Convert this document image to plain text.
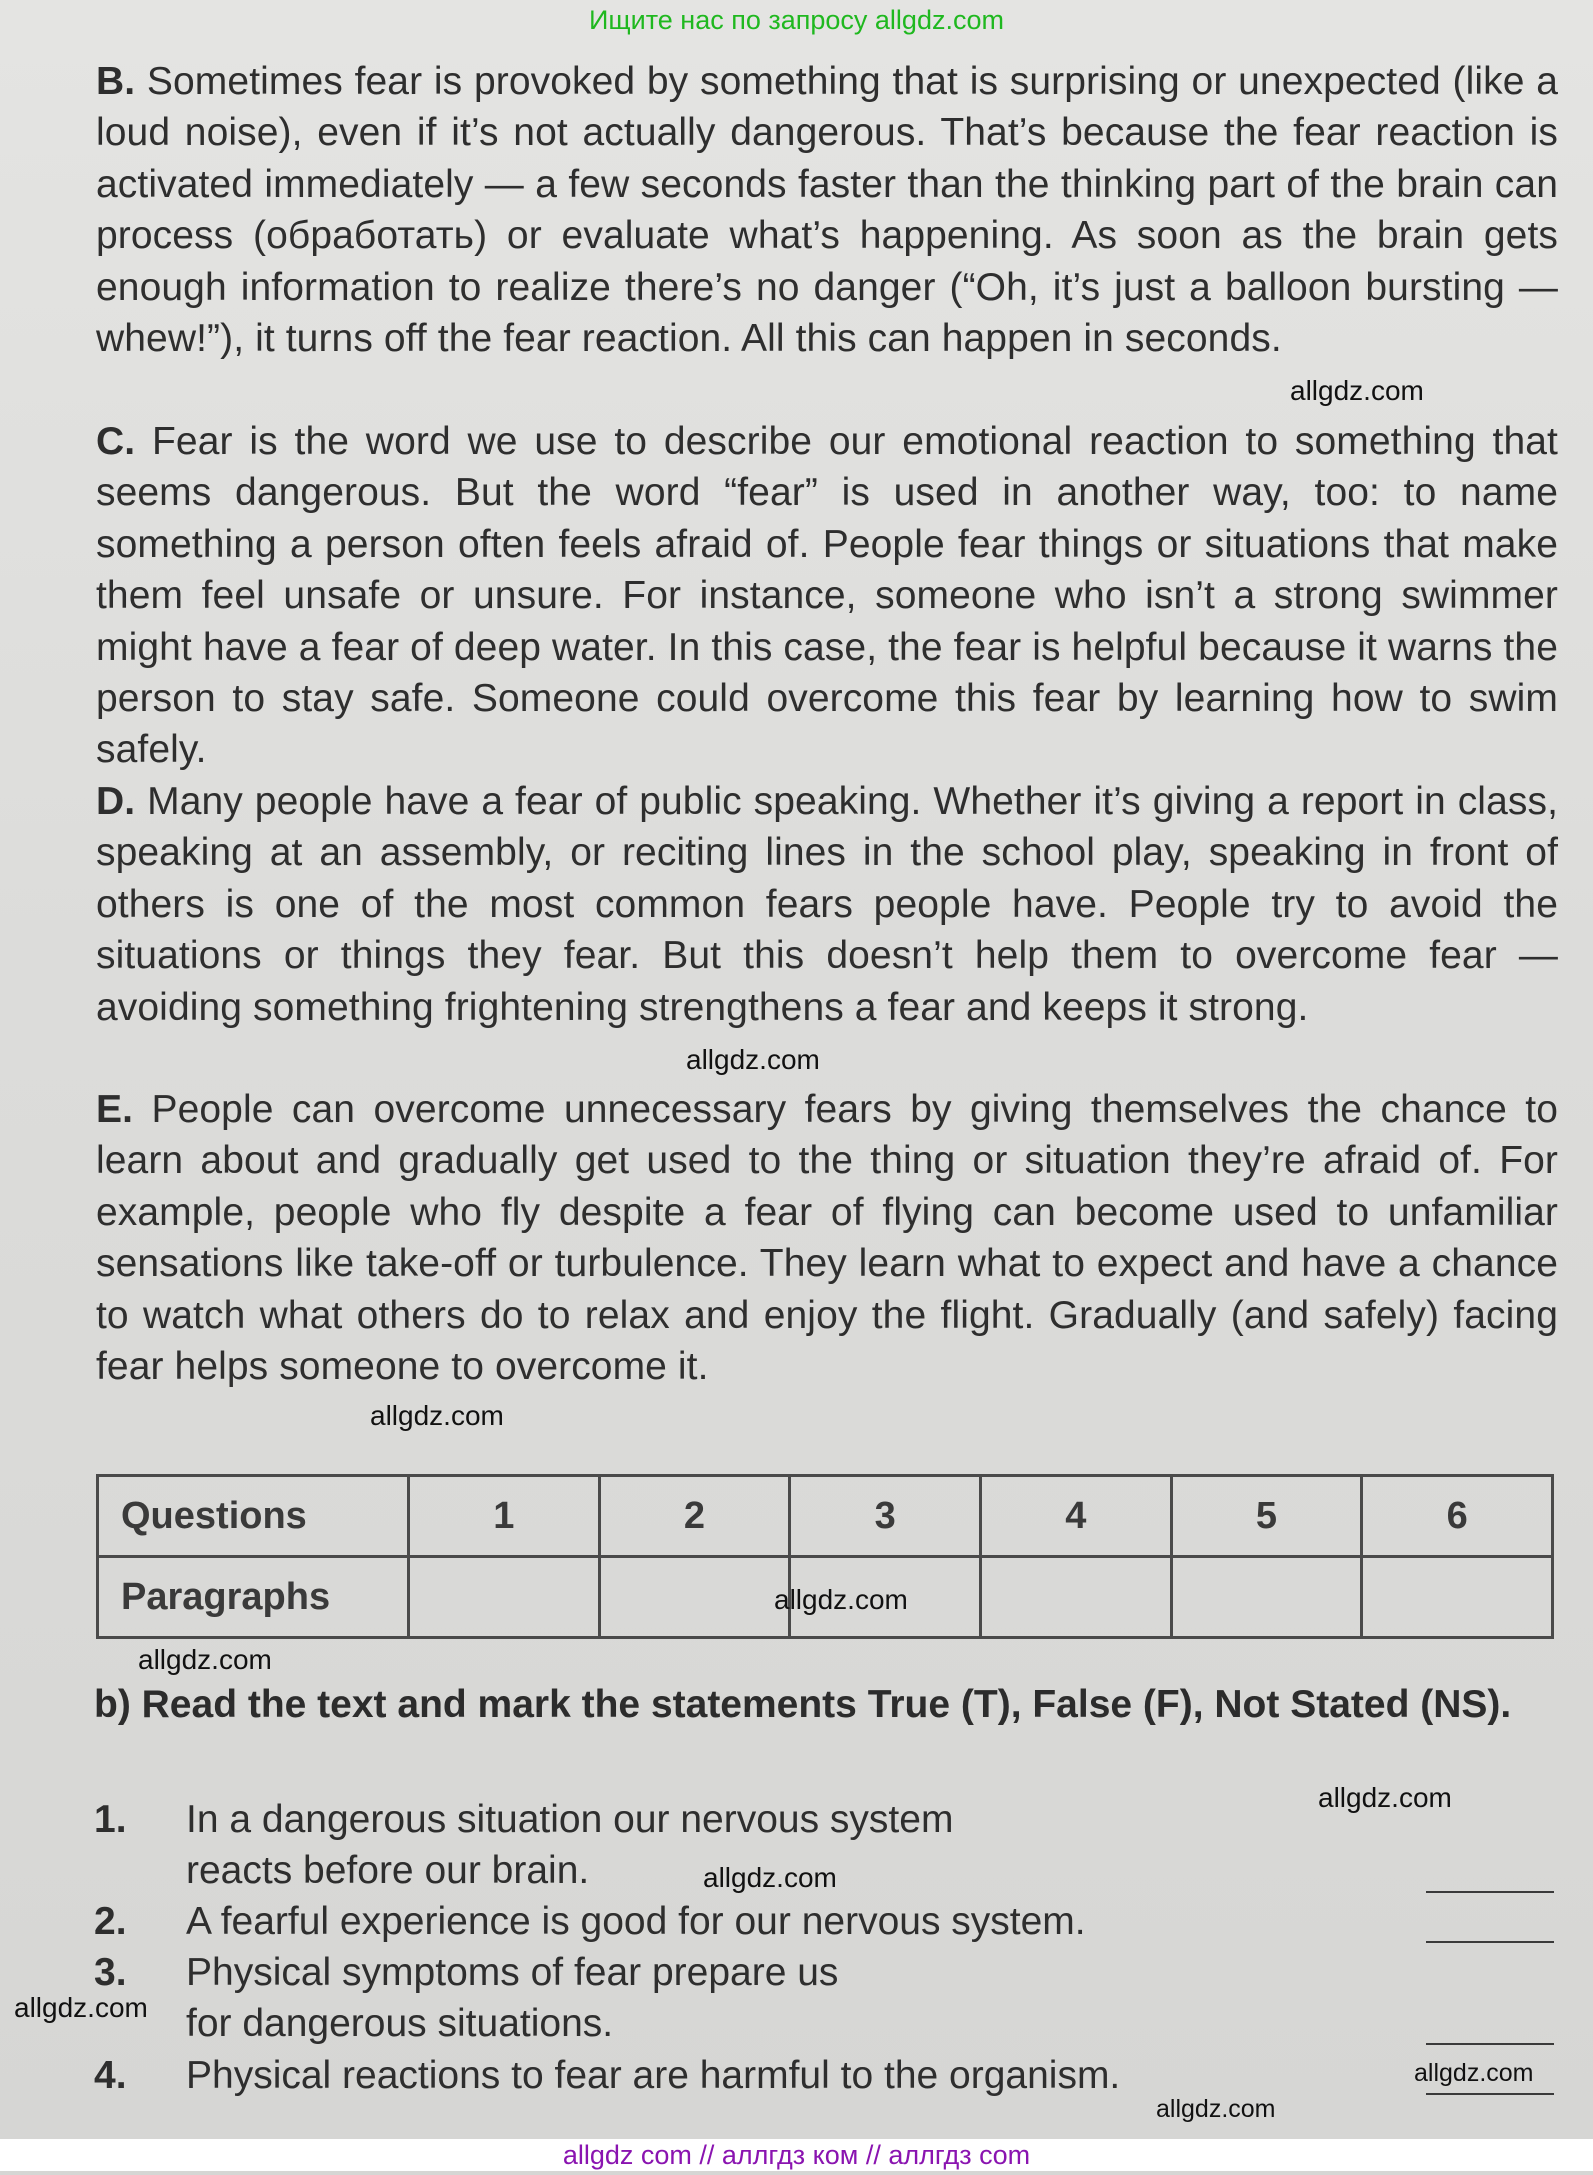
Ищите нас по запросу allgdz.com
B. Sometimes fear is provoked by something that is surprising or unexpected (like a loud noise), even if it’s not actually dangerous. That’s because the fear reaction is activated immediately — a few seconds faster than the thinking part of the brain can process (обработать) or evaluate what’s happening. As soon as the brain gets enough information to realize there’s no danger (“Oh, it’s just a balloon bursting — whew!”), it turns off the fear reaction. All this can happen in seconds.
C. Fear is the word we use to describe our emotional reaction to something that seems dangerous. But the word “fear” is used in another way, too: to name something a person often feels afraid of. People fear things or situations that make them feel unsafe or unsure. For instance, someone who isn’t a strong swimmer might have a fear of deep water. In this case, the fear is helpful because it warns the person to stay safe. Someone could overcome this fear by learning how to swim safely.
D. Many people have a fear of public speaking. Whether it’s giving a report in class, speaking at an assembly, or reciting lines in the school play, speaking in front of others is one of the most common fears people have. People try to avoid the situations or things they fear. But this doesn’t help them to overcome fear — avoiding something frightening strengthens a fear and keeps it strong.
E. People can overcome unnecessary fears by giving themselves the chance to learn about and gradually get used to the thing or situation they’re afraid of. For example, people who fly despite a fear of flying can become used to unfamiliar sensations like take-off or turbulence. They learn what to expect and have a chance to watch what others do to relax and enjoy the flight. Gradually (and safely) facing fear helps someone to overcome it.
Questions	1	2	3	4	5	6
Paragraphs						
b) Read the text and mark the statements True (T), False (F), Not Stated (NS).
1. In a dangerous situation our nervous system
reacts before our brain.
2. A fearful experience is good for our nervous system.
3. Physical symptoms of fear prepare us
for dangerous situations.
4. Physical reactions to fear are harmful to the organism.
allgdz.com
allgdz.com
allgdz.com
allgdz.com
allgdz.com
allgdz.com
allgdz.com
allgdz.com
allgdz.com
allgdz.com
allgdz com // аллгдз ком // аллгдз com
